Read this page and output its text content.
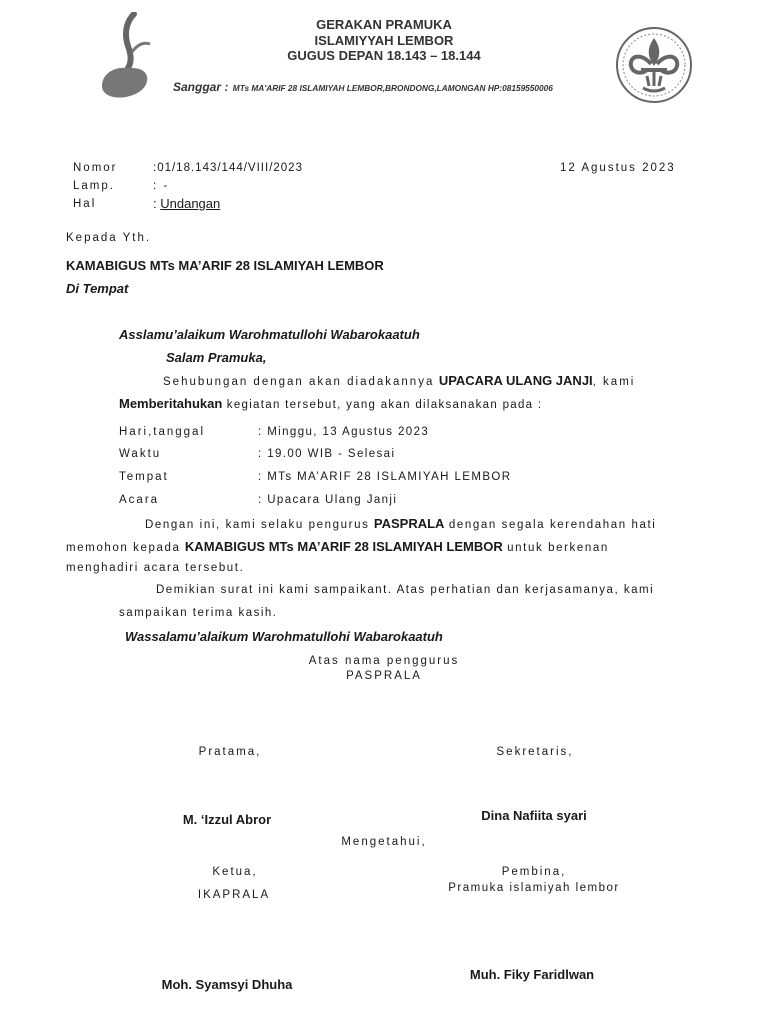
GERAKAN PRAMUKA
ISLAMIYYAH LEMBOR
GUGUS DEPAN 18.143 – 18.144
Sanggar : MTs MA'ARIF 28 ISLAMIYAH LEMBOR,BRONDONG,LAMONGAN HP:08159550006
Nomor	:01/18.143/144/VIII/2023	12 Agustus 2023
Lamp.	: -
Hal	: Undangan
Kepada Yth.
KAMABIGUS MTs MA’ARIF 28 ISLAMIYAH LEMBOR
Di Tempat
Asslamu’alaikum Warohmatullohi Wabarokaatuh
Salam Pramuka,
Sehubungan dengan akan diadakannya UPACARA ULANG JANJI, kami
Memberitahukan kegiatan tersebut, yang akan dilaksanakan pada :
Hari,tanggal	: Minggu, 13 Agustus 2023
Waktu	: 19.00 WIB - Selesai
Tempat	: MTs MA’ARIF 28 ISLAMIYAH LEMBOR
Acara	: Upacara Ulang Janji
Dengan ini, kami selaku pengurus PASPRALA dengan segala kerendahan hati
memohon kepada KAMABIGUS MTs MA’ARIF 28 ISLAMIYAH LEMBOR untuk berkenan
menghadiri acara tersebut.
Demikian surat ini kami sampaikant. Atas perhatian dan kerjasamanya, kami
sampaikan terima kasih.
Wassalamu’alaikum Warohmatullohi Wabarokaatuh
Atas nama penggurus
PASPRALA
Pratama,	Sekretaris,
M. ‘Izzul Abror	Dina Nafiita syari
Mengetahui,
Ketua,
IKAPRALA
Pembina,
Pramuka islamiyah lembor
Moh. Syamsyi Dhuha
Muh. Fiky Faridlwan
